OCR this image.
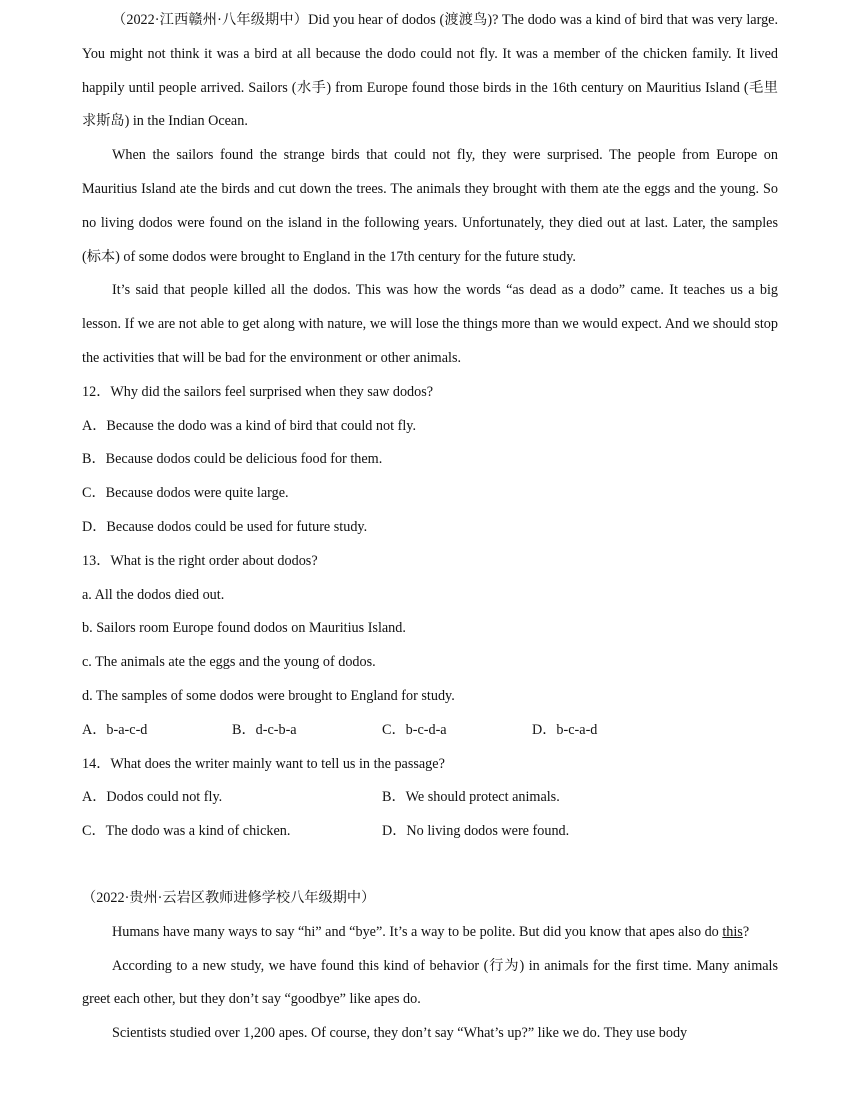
（2022·江西赣州·八年级期中）Did you hear of dodos (渡渡鸟)? The dodo was a kind of bird that was very large. You might not think it was a bird at all because the dodo could not fly. It was a member of the chicken family. It lived happily until people arrived. Sailors (水手) from Europe found those birds in the 16th century on Mauritius Island (毛里求斯岛) in the Indian Ocean.

When the sailors found the strange birds that could not fly, they were surprised. The people from Europe on Mauritius Island ate the birds and cut down the trees. The animals they brought with them ate the eggs and the young. So no living dodos were found on the island in the following years. Unfortunately, they died out at last. Later, the samples (标本) of some dodos were brought to England in the 17th century for the future study.

It’s said that people killed all the dodos. This was how the words “as dead as a dodo” came. It teaches us a big lesson. If we are not able to get along with nature, we will lose the things more than we would expect. And we should stop the activities that will be bad for the environment or other animals.

12．Why did the sailors feel surprised when they saw dodos?

A．Because the dodo was a kind of bird that could not fly.

B．Because dodos could be delicious food for them.

C．Because dodos were quite large.

D．Because dodos could be used for future study.

13．What is the right order about dodos?

a. All the dodos died out.

b. Sailors room Europe found dodos on Mauritius Island.

c. The animals ate the eggs and the young of dodos.

d. The samples of some dodos were brought to England for study.

A．b-a-c-d	B．d-c-b-a	C．b-c-d-a	D．b-c-a-d

14．What does the writer mainly want to tell us in the passage?

A．Dodos could not fly.	B．We should protect animals.

C．The dodo was a kind of chicken.	D．No living dodos were found.

（2022·贵州·云岩区教师进修学校八年级期中）

Humans have many ways to say “hi” and “bye”. It’s a way to be polite. But did you know that apes also do this?

According to a new study, we have found this kind of behavior (行为) in animals for the first time. Many animals greet each other, but they don’t say “goodbye” like apes do.

Scientists studied over 1,200 apes. Of course, they don’t say “What’s up?” like we do. They use body
